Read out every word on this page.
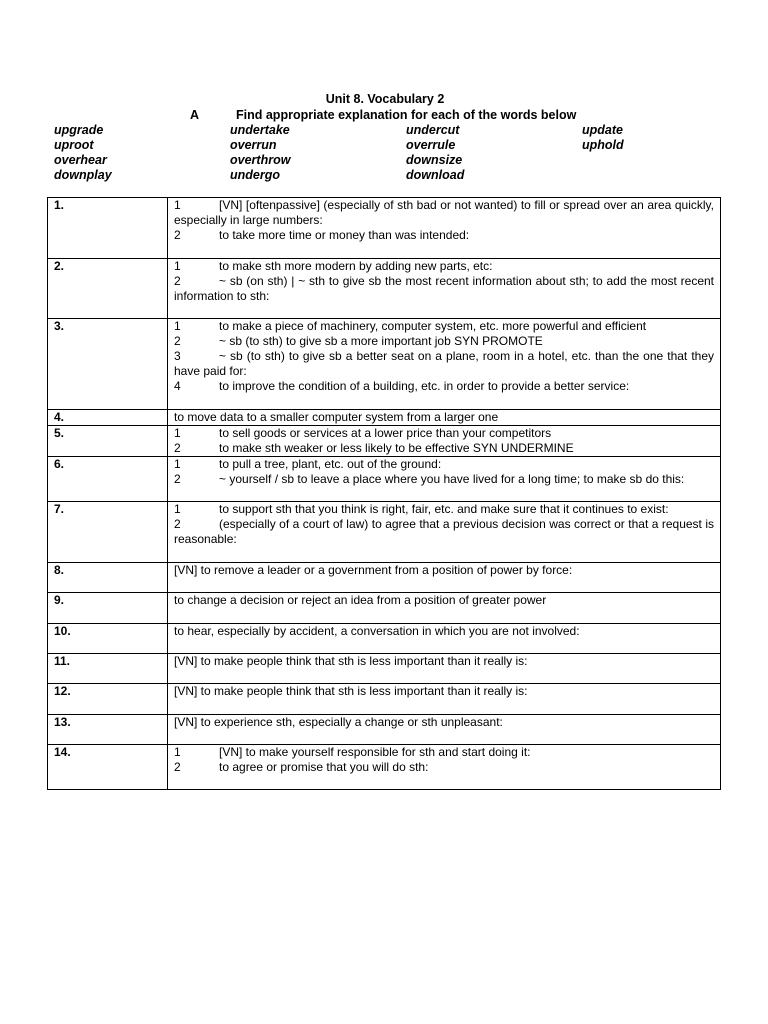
Unit 8. Vocabulary 2
A	Find appropriate explanation for each of the words below
upgrade	undertake	undercut	update
uproot	overrun	overrule	uphold
overhear	overthrow	downsize
downplay	undergo	download
1.	1 [VN] [oftenpassive] (especially of sth bad or not wanted) to fill or spread over an area quickly, especially in large numbers:
2 to take more time or money than was intended:

2.	1 to make sth more modern by adding new parts, etc:
2 ~ sb (on sth) | ~ sth to give sb the most recent information about sth; to add the most recent information to sth:

3.	1 to make a piece of machinery, computer system, etc. more powerful and efficient
2 ~ sb (to sth) to give sb a more important job SYN PROMOTE
3 ~ sb (to sth) to give sb a better seat on a plane, room in a hotel, etc. than the one that they have paid for:
4 to improve the condition of a building, etc. in order to provide a better service:

4.	to move data to a smaller computer system from a larger one

5.	1 to sell goods or services at a lower price than your competitors
2 to make sth weaker or less likely to be effective SYN UNDERMINE

6.	1 to pull a tree, plant, etc. out of the ground:
2 ~ yourself / sb to leave a place where you have lived for a long time; to make sb do this:

7.	1 to support sth that you think is right, fair, etc. and make sure that it continues to exist:
2 (especially of a court of law) to agree that a previous decision was correct or that a request is reasonable:

8.	[VN] to remove a leader or a government from a position of power by force:

9.	to change a decision or reject an idea from a position of greater power

10.	to hear, especially by accident, a conversation in which you are not involved:

11.	[VN] to make people think that sth is less important than it really is:

12.	[VN] to make people think that sth is less important than it really is:

13.	[VN] to experience sth, especially a change or sth unpleasant:

14.	1 [VN] to make yourself responsible for sth and start doing it:
2 to agree or promise that you will do sth:
